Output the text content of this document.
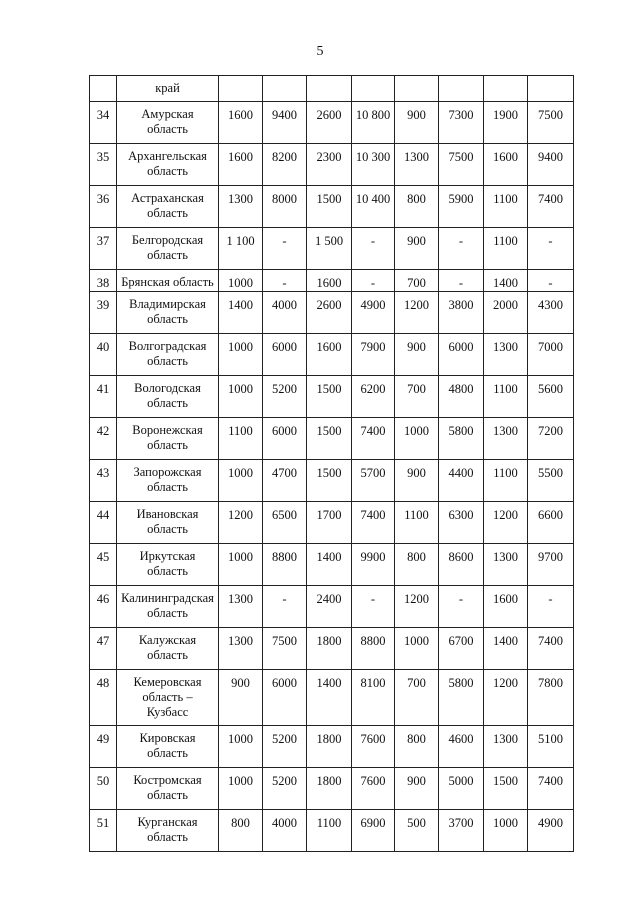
5
	край								
34	Амурская
область	1600	9400	2600	10 800	900	7300	1900	7500
35	Архангельская
область	1600	8200	2300	10 300	1300	7500	1600	9400
36	Астраханская
область	1300	8000	1500	10 400	800	5900	1100	7400
37	Белгородская
область	1 100	-	1 500	-	900	-	1100	-
38	Брянская область	1000	-	1600	-	700	-	1400	-
39	Владимирская
область	1400	4000	2600	4900	1200	3800	2000	4300
40	Волгоградская
область	1000	6000	1600	7900	900	6000	1300	7000
41	Вологодская
область	1000	5200	1500	6200	700	4800	1100	5600
42	Воронежская
область	1100	6000	1500	7400	1000	5800	1300	7200
43	Запорожская
область	1000	4700	1500	5700	900	4400	1100	5500
44	Ивановская
область	1200	6500	1700	7400	1100	6300	1200	6600
45	Иркутская
область	1000	8800	1400	9900	800	8600	1300	9700
46	Калининградская
область	1300	-	2400	-	1200	-	1600	-
47	Калужская
область	1300	7500	1800	8800	1000	6700	1400	7400
48	Кемеровская
область –
Кузбасс	900	6000	1400	8100	700	5800	1200	7800
49	Кировская
область	1000	5200	1800	7600	800	4600	1300	5100
50	Костромская
область	1000	5200	1800	7600	900	5000	1500	7400
51	Курганская
область	800	4000	1100	6900	500	3700	1000	4900
